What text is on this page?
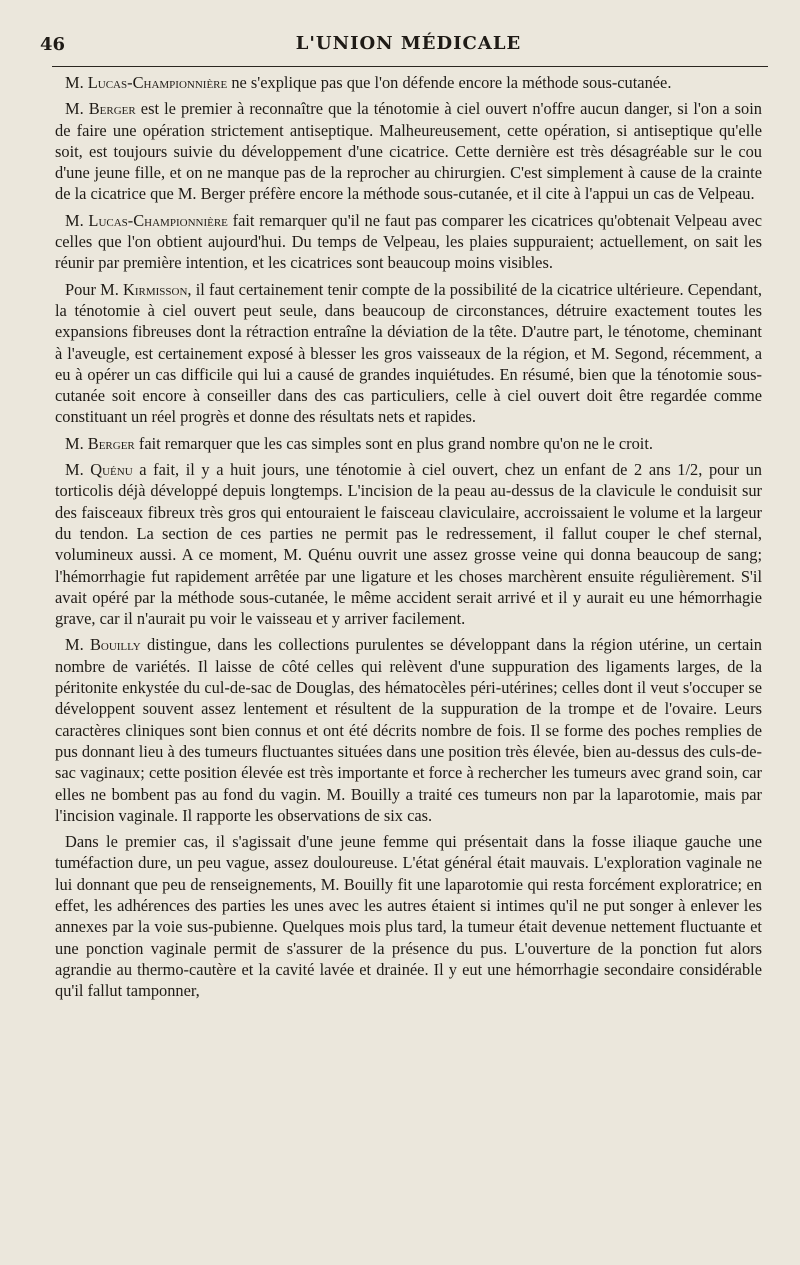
46	L'UNION MÉDICALE

M. Lucas-Championnière ne s'explique pas que l'on défende encore la méthode sous-cutanée.

M. Berger est le premier à reconnaître que la ténotomie à ciel ouvert n'offre aucun danger, si l'on a soin de faire une opération strictement antiseptique. Malheureusement, cette opération, si antiseptique qu'elle soit, est toujours suivie du développement d'une cicatrice. Cette dernière est très désagréable sur le cou d'une jeune fille, et on ne manque pas de la reprocher au chirurgien. C'est simplement à cause de la crainte de la cicatrice que M. Berger préfère encore la méthode sous-cutanée, et il cite à l'appui un cas de Velpeau.

M. Lucas-Championnière fait remarquer qu'il ne faut pas comparer les cicatrices qu'obtenait Velpeau avec celles que l'on obtient aujourd'hui. Du temps de Velpeau, les plaies suppuraient; actuellement, on sait les réunir par première intention, et les cicatrices sont beaucoup moins visibles.

Pour M. Kirmisson, il faut certainement tenir compte de la possibilité de la cicatrice ultérieure. Cependant, la ténotomie à ciel ouvert peut seule, dans beaucoup de circonstances, détruire exactement toutes les expansions fibreuses dont la rétraction entraîne la déviation de la tête. D'autre part, le ténotome, cheminant à l'aveugle, est certainement exposé à blesser les gros vaisseaux de la région, et M. Segond, récemment, a eu à opérer un cas difficile qui lui a causé de grandes inquiétudes. En résumé, bien que la ténotomie sous-cutanée soit encore à conseiller dans des cas particuliers, celle à ciel ouvert doit être regardée comme constituant un réel progrès et donne des résultats nets et rapides.

M. Berger fait remarquer que les cas simples sont en plus grand nombre qu'on ne le croit.

M. Quénu a fait, il y a huit jours, une ténotomie à ciel ouvert, chez un enfant de 2 ans 1/2, pour un torticolis déjà développé depuis longtemps. L'incision de la peau au-dessus de la clavicule le conduisit sur des faisceaux fibreux très gros qui entouraient le faisceau claviculaire, accroissaient le volume et la largeur du tendon. La section de ces parties ne permit pas le redressement, il fallut couper le chef sternal, volumineux aussi. A ce moment, M. Quénu ouvrit une assez grosse veine qui donna beaucoup de sang; l'hémorrhagie fut rapidement arrêtée par une ligature et les choses marchèrent ensuite régulièrement. S'il avait opéré par la méthode sous-cutanée, le même accident serait arrivé et il y aurait eu une hémorrhagie grave, car il n'aurait pu voir le vaisseau et y arriver facilement.

M. Bouilly distingue, dans les collections purulentes se développant dans la région utérine, un certain nombre de variétés. Il laisse de côté celles qui relèvent d'une suppuration des ligaments larges, de la péritonite enkystée du cul-de-sac de Douglas, des hématocèles péri-utérines; celles dont il veut s'occuper se développent souvent assez lentement et résultent de la suppuration de la trompe et de l'ovaire. Leurs caractères cliniques sont bien connus et ont été décrits nombre de fois. Il se forme des poches remplies de pus donnant lieu à des tumeurs fluctuantes situées dans une position très élevée, bien au-dessus des culs-de-sac vaginaux; cette position élevée est très importante et force à rechercher les tumeurs avec grand soin, car elles ne bombent pas au fond du vagin. M. Bouilly a traité ces tumeurs non par la laparotomie, mais par l'incision vaginale. Il rapporte les observations de six cas.

Dans le premier cas, il s'agissait d'une jeune femme qui présentait dans la fosse iliaque gauche une tuméfaction dure, un peu vague, assez douloureuse. L'état général était mauvais. L'exploration vaginale ne lui donnant que peu de renseignements, M. Bouilly fit une laparotomie qui resta forcément exploratrice; en effet, les adhérences des parties les unes avec les autres étaient si intimes qu'il ne put songer à enlever les annexes par la voie sus-pubienne. Quelques mois plus tard, la tumeur était devenue nettement fluctuante et une ponction vaginale permit de s'assurer de la présence du pus. L'ouverture de la ponction fut alors agrandie au thermo-cautère et la cavité lavée et drainée. Il y eut une hémorrhagie secondaire considérable qu'il fallut tamponner,
